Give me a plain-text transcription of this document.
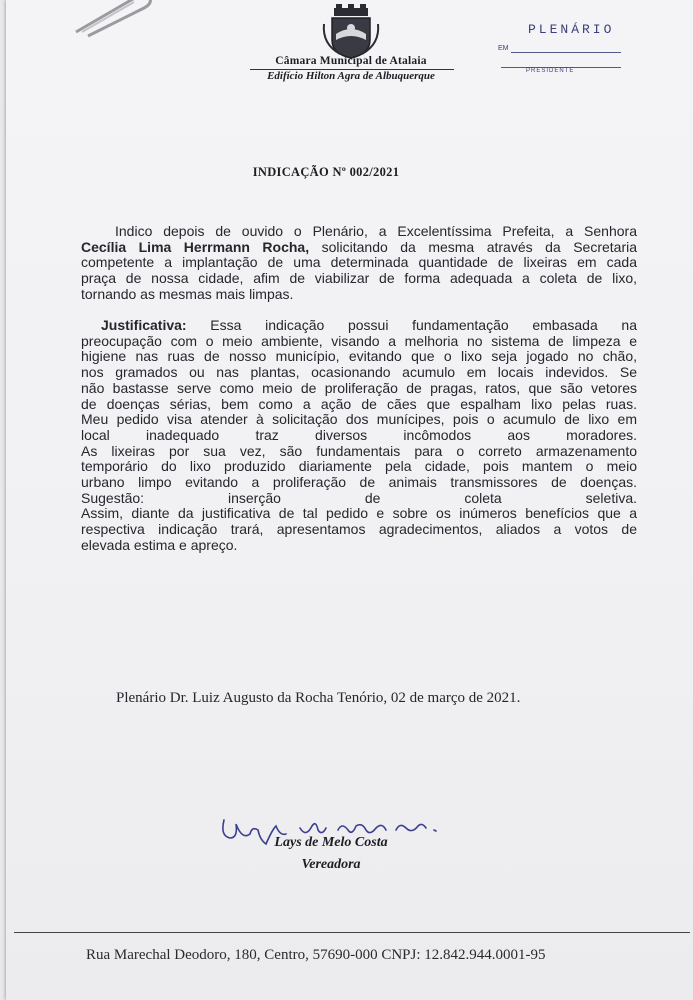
Câmara Municipal de Atalaia
Edifício Hilton Agra de Albuquerque
PLENÁRIO
EM
PRESIDENTE
INDICAÇÃO Nº 002/2021
Indico depois de ouvido o Plenário, a Excelentíssima Prefeita, a Senhora
Cecília Lima Herrmann Rocha, solicitando da mesma através da Secretaria
competente a implantação de uma determinada quantidade de lixeiras em cada
praça de nossa cidade, afim de viabilizar de forma adequada a coleta de lixo,
tornando as mesmas mais limpas.
Justificativa: Essa indicação possui fundamentação embasada na
preocupação com o meio ambiente, visando a melhoria no sistema de limpeza e
higiene nas ruas de nosso município, evitando que o lixo seja jogado no chão,
nos gramados ou nas plantas, ocasionando acumulo em locais indevidos. Se
não bastasse serve como meio de proliferação de pragas, ratos, que são vetores
de doenças sérias, bem como a ação de cães que espalham lixo pelas ruas.
Meu pedido visa atender à solicitação dos munícipes, pois o acumulo de lixo em
local inadequado traz diversos incômodos aos moradores.
As lixeiras por sua vez, são fundamentais para o correto armazenamento
temporário do lixo produzido diariamente pela cidade, pois mantem o meio
urbano limpo evitando a proliferação de animais transmissores de doenças.
Sugestão: inserção de coleta seletiva.
Assim, diante da justificativa de tal pedido e sobre os inúmeros benefícios que a
respectiva indicação trará, apresentamos agradecimentos, aliados a votos de
elevada estima e apreço.
Plenário Dr. Luiz Augusto da Rocha Tenório, 02 de março de 2021.
Lays de Melo Costa
Vereadora
Rua Marechal Deodoro, 180, Centro, 57690-000 CNPJ: 12.842.944.0001-95
